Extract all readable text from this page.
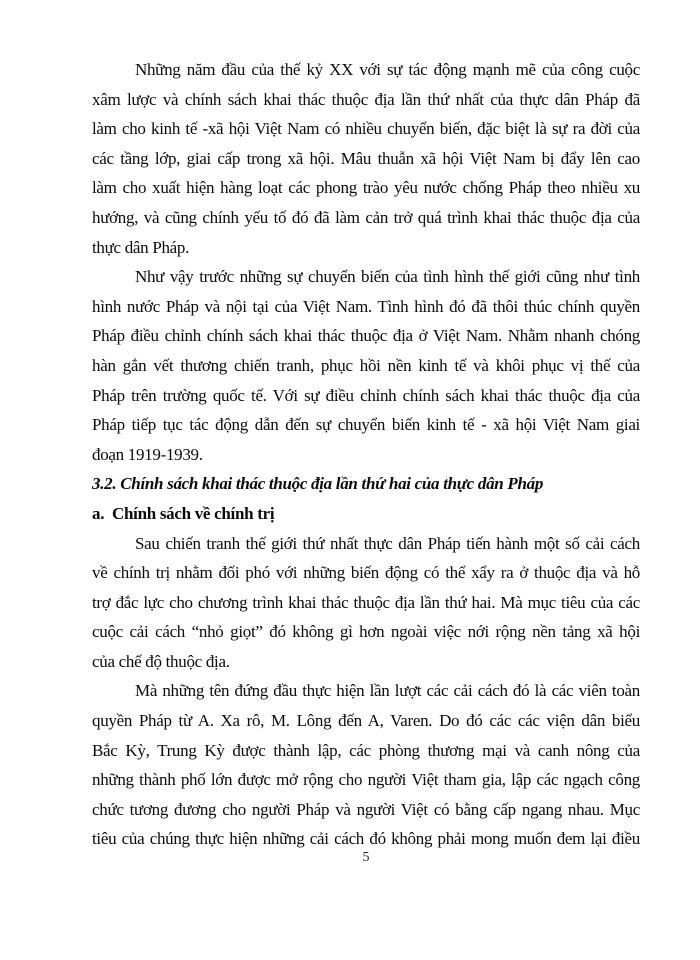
Những năm đầu của thế kỷ XX với sự tác động mạnh mẽ của công cuộc
xâm lược và chính sách khai thác thuộc địa lần thứ nhất của thực dân Pháp đã
làm cho kinh tế -xã hội Việt Nam có nhiều chuyển biến, đặc biệt là sự ra đời của
các tầng lớp, giai cấp trong xã hội. Mâu thuẫn xã hội Việt Nam bị đẩy lên cao
làm cho xuất hiện hàng loạt các phong trào yêu nước chống Pháp theo nhiều xu
hướng, và cũng chính yếu tố đó đã làm cản trở quá trình khai thác thuộc địa của
thực dân Pháp.
Như vậy trước những sự chuyển biến của tình hình thế giới cũng như tình
hình nước Pháp và nội tại của Việt Nam. Tình hình đó đã thôi thúc chính quyền
Pháp điều chỉnh chính sách khai thác thuộc địa ở Việt Nam. Nhằm nhanh chóng
hàn gắn vết thương chiến tranh, phục hồi nền kinh tế và khôi phục vị thế của
Pháp trên trường quốc tế. Với sự điều chỉnh chính sách khai thác thuộc địa của
Pháp tiếp tục tác động dẫn đến sự chuyển biến kinh tế - xã hội Việt Nam giai
đoạn 1919-1939.
3.2. Chính sách khai thác thuộc địa lần thứ hai của thực dân Pháp
a.  Chính sách về chính trị
Sau chiến tranh thế giới thứ nhất thực dân Pháp tiến hành một số cải cách
về chính trị nhằm đối phó với những biến động có thể xẩy ra ở thuộc địa và hỗ
trợ đắc lực cho chương trình khai thác thuộc địa lần thứ hai. Mà mục tiêu của các
cuộc cải cách “nhỏ giọt” đó không gì hơn ngoài việc nới rộng nền tảng xã hội
của chế độ thuộc địa.
Mà những tên đứng đầu thực hiện lần lượt các cải cách đó là các viên toàn
quyền Pháp từ A. Xa rô, M. Lông đến A, Varen. Do đó các các viện dân biểu
Bắc Kỳ, Trung Kỳ được thành lập, các phòng thương mại và canh nông của
những thành phố lớn được mở rộng cho người Việt tham gia, lập các ngạch công
chức tương đương cho người Pháp và người Việt có bằng cấp ngang nhau. Mục
tiêu của chúng thực hiện những cải cách đó không phải mong muốn đem lại điều
5
